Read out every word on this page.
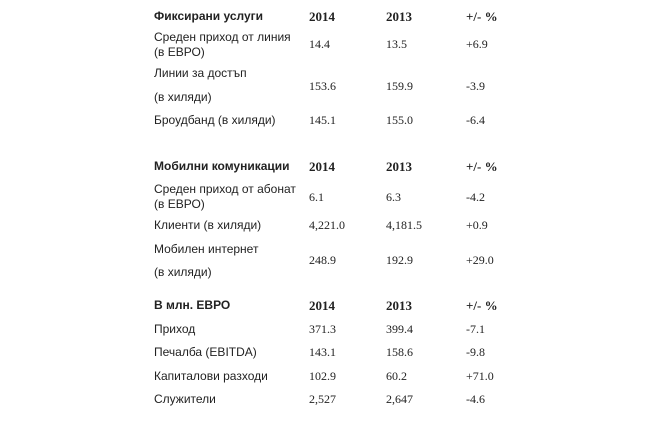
Фиксирани услуги	2014	2013	+/- %
Среден приход от линия (в ЕВРО)
14.4	13.5	+6.9
Линии за достъп
(в хиляди)
153.6	159.9	-3.9
Броудбанд (в хиляди)	145.1	155.0	-6.4
Мобилни комуникации 2014	2013	+/- %
Среден приход от абонат (в ЕВРО)	6.1	6.3	-4.2
Клиенти (в хиляди)	4,221.0	4,181.5	+0.9
Мобилен интернет
(в хиляди)
248.9	192.9	+29.0
В млн. ЕВРО	2014	2013	+/- %
Приход	371.3	399.4	-7.1
Печалба (EBITDA)	143.1	158.6	-9.8
Капиталови разходи	102.9	60.2	+71.0
Служители	2,527	2,647	-4.6
